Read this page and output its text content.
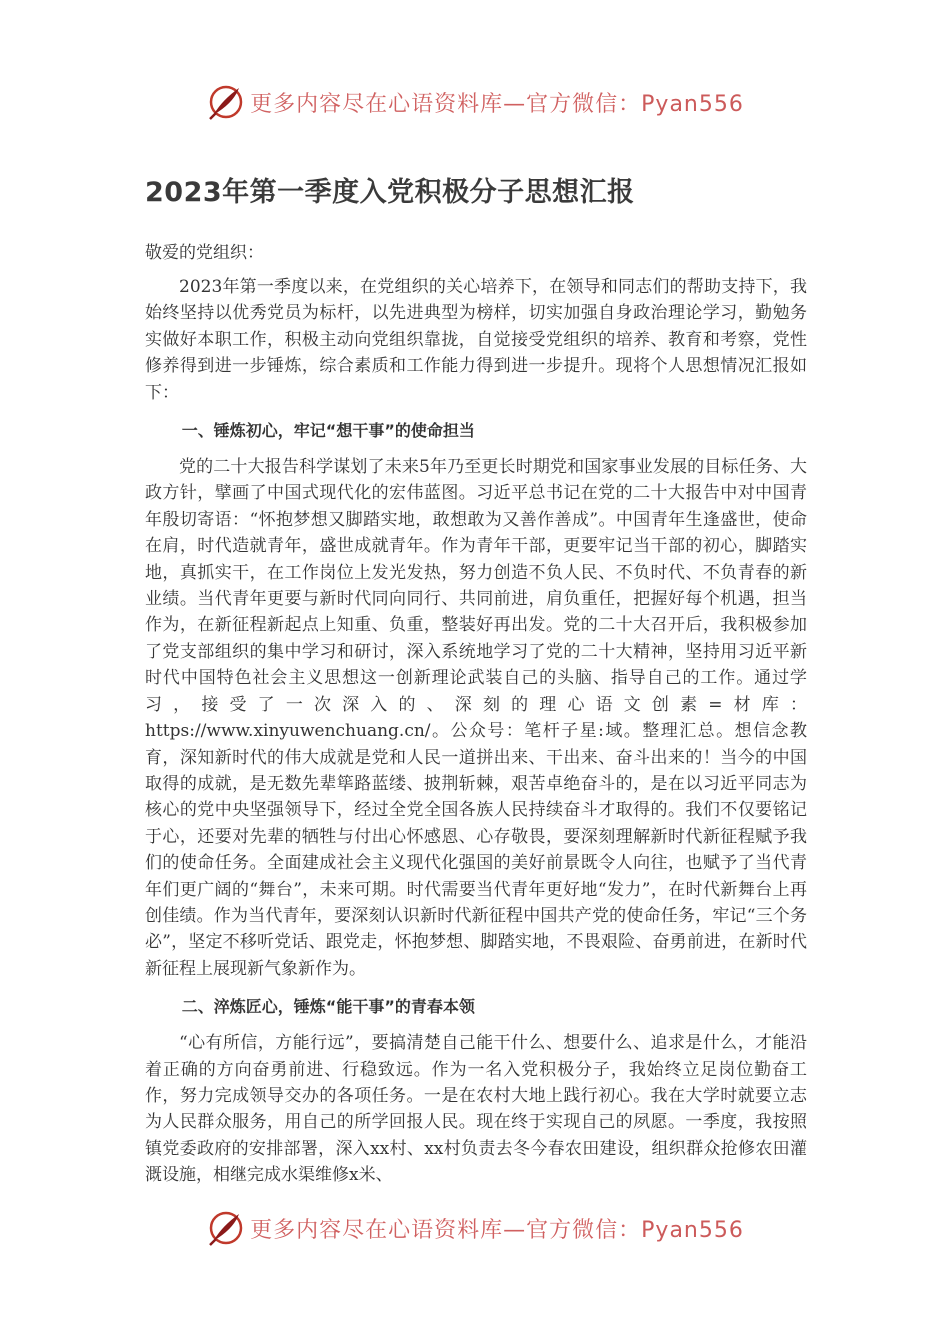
更多内容尽在心语资料库—官方微信：Pyan556
2023年第一季度入党积极分子思想汇报

敬爱的党组织：

2023年第一季度以来，在党组织的关心培养下，在领导和同志们的帮助支持下，我始终坚持以优秀党员为标杆，以先进典型为榜样，切实加强自身政治理论学习，勤勉务实做好本职工作，积极主动向党组织靠拢，自觉接受党组织的培养、教育和考察，党性修养得到进一步锤炼，综合素质和工作能力得到进一步提升。现将个人思想情况汇报如下：

一、锤炼初心，牢记“想干事”的使命担当

党的二十大报告科学谋划了未来5年乃至更长时期党和国家事业发展的目标任务、大政方针，擘画了中国式现代化的宏伟蓝图。习近平总书记在党的二十大报告中对中国青年殷切寄语：“怀抱梦想又脚踏实地，敢想敢为又善作善成”。中国青年生逢盛世，使命在肩，时代造就青年，盛世成就青年。作为青年干部，更要牢记当干部的初心，脚踏实地，真抓实干，在工作岗位上发光发热，努力创造不负人民、不负时代、不负青春的新业绩。当代青年更要与新时代同向同行、共同前进，肩负重任，把握好每个机遇，担当作为，在新征程新起点上知重、负重，整装好再出发。党的二十大召开后，我积极参加了党支部组织的集中学习和研讨，深入系统地学习了党的二十大精神，坚持用习近平新时代中国特色社会主义思想这一创新理论武装自己的头脑、指导自己的工作。通过学习，接受了一次深入的、深刻的理心语文创素=材库：https://www.xinyuwenchuang.cn/。公众号：笔杆子星:域。整理汇总。想信念教育，深知新时代的伟大成就是党和人民一道拼出来、干出来、奋斗出来的！当今的中国取得的成就，是无数先辈筚路蓝缕、披荆斩棘，艰苦卓绝奋斗的，是在以习近平同志为核心的党中央坚强领导下，经过全党全国各族人民持续奋斗才取得的。我们不仅要铭记于心，还要对先辈的牺牲与付出心怀感恩、心存敬畏，要深刻理解新时代新征程赋予我们的使命任务。全面建成社会主义现代化强国的美好前景既令人向往，也赋予了当代青年们更广阔的“舞台”，未来可期。时代需要当代青年更好地“发力”，在时代新舞台上再创佳绩。作为当代青年，要深刻认识新时代新征程中国共产党的使命任务，牢记“三个务必”，坚定不移听党话、跟党走，怀抱梦想、脚踏实地，不畏艰险、奋勇前进，在新时代新征程上展现新气象新作为。

二、淬炼匠心，锤炼“能干事”的青春本领

“心有所信，方能行远”，要搞清楚自己能干什么、想要什么、追求是什么，才能沿着正确的方向奋勇前进、行稳致远。作为一名入党积极分子，我始终立足岗位勤奋工作，努力完成领导交办的各项任务。一是在农村大地上践行初心。我在大学时就要立志为人民群众服务，用自己的所学回报人民。现在终于实现自己的夙愿。一季度，我按照镇党委政府的安排部署，深入xx村、xx村负责去冬今春农田建设，组织群众抢修农田灌溉设施，相继完成水渠维修x米、

更多内容尽在心语资料库—官方微信：Pyan556
